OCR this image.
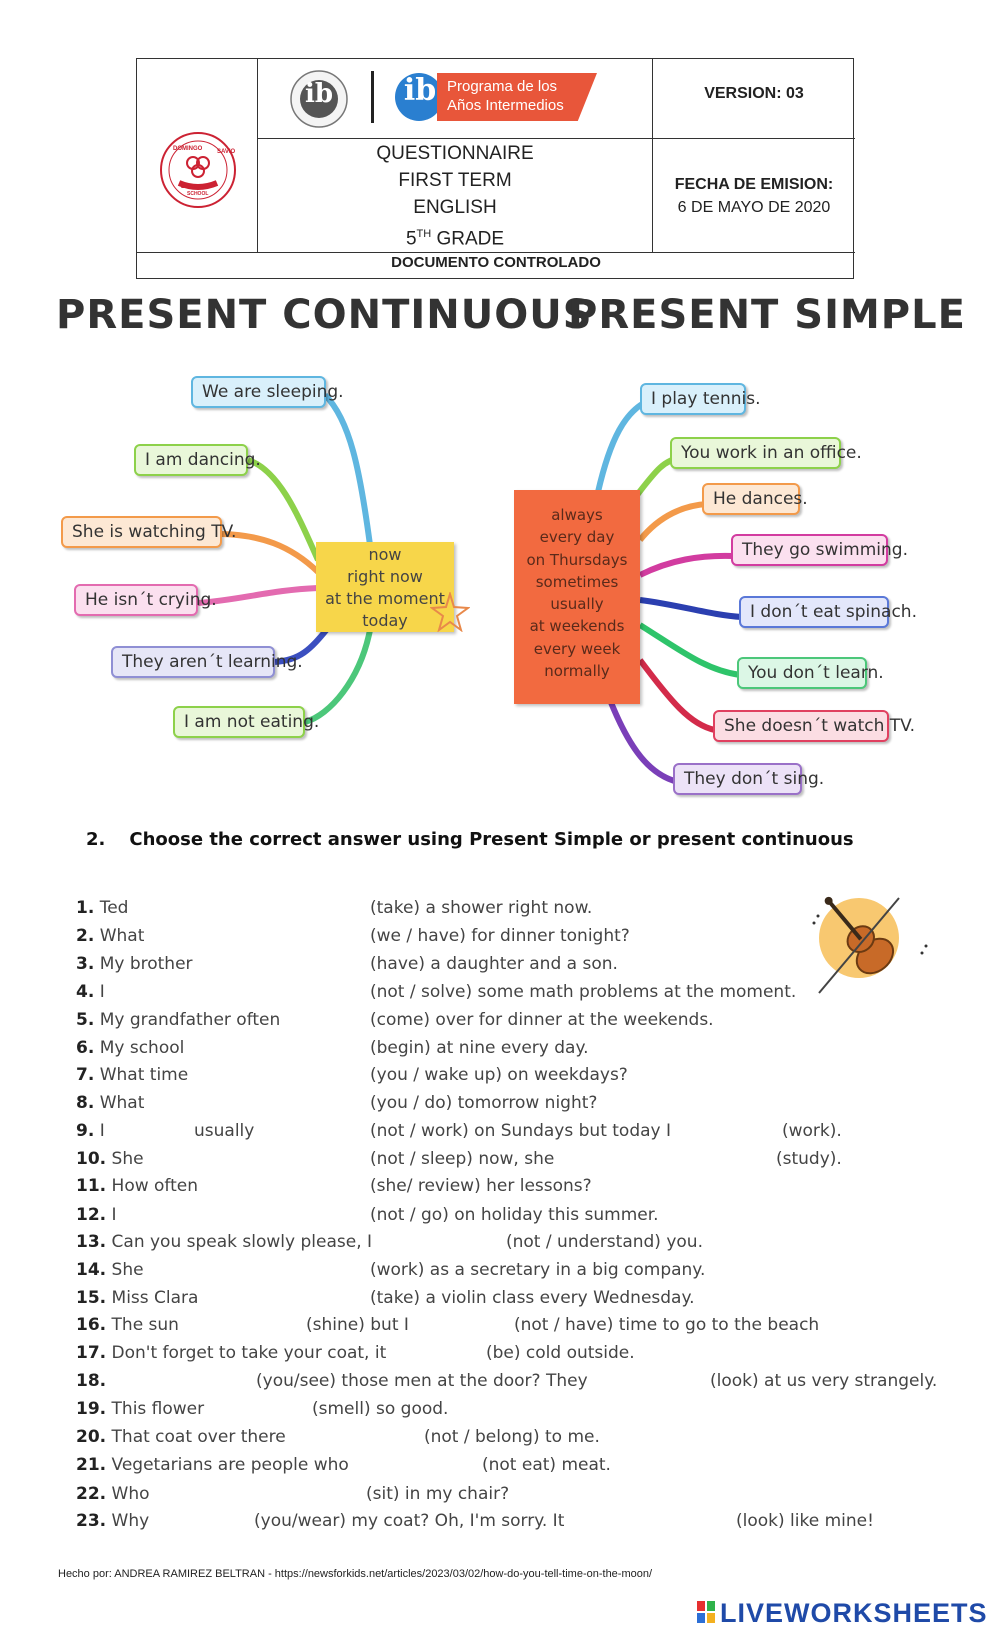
DOMINGO SAVIO
BILINGUAL
SCHOOL
ib ib Programa de los
Años Intermedios
VERSION: 03
QUESTIONNAIRE
FIRST TERM
ENGLISH
5TH GRADE
FECHA DE EMISION:
6 DE MAYO DE 2020
DOCUMENTO CONTROLADO
PRESENT CONTINUOUS
PRESENT SIMPLE
now
right now
at the moment
today
We are sleeping.
I am dancing.
She is watching TV.
He isn´t crying.
They aren´t learning.
I am not eating.
always
every day
on Thursdays
sometimes
usually
at weekends
every week
normally
I play tennis.
You work in an office.
He dances.
They go swimming.
I don´t eat spinach.
You don´t learn.
She doesn´t watch TV.
They don´t sing.
2. Choose the correct answer using Present Simple or present continuous
1. Ted	(take) a shower right now.
2. What	(we / have) for dinner tonight?
3. My brother	(have) a daughter and a son.
4. I	(not / solve) some math problems at the moment.
5. My grandfather often	(come) over for dinner at the weekends.
6. My school	(begin) at nine every day.
7. What time	(you / wake up) on weekdays?
8. What	(you / do) tomorrow night?
9. I	usually	(not / work) on Sundays but today I	(work).
10. She	(not / sleep) now, she	(study).
11. How often	(she/ review) her lessons?
12. I	(not / go) on holiday this summer.
13. Can you speak slowly please, I	(not / understand) you.
14. She	(work) as a secretary in a big company.
15. Miss Clara	(take) a violin class every Wednesday.
16. The sun	(shine) but I	(not / have) time to go to the beach
17. Don't forget to take your coat, it	(be) cold outside.
18.	(you/see) those men at the door? They	(look) at us very strangely.
19. This flower	(smell) so good.
20. That coat over there	(not / belong) to me.
21. Vegetarians are people who	(not eat) meat.
22. Who	(sit) in my chair?
23. Why	(you/wear) my coat? Oh, I'm sorry. It	(look) like mine!
Hecho por: ANDREA RAMIREZ BELTRAN - https://newsforkids.net/articles/2023/03/02/how-do-you-tell-time-on-the-moon/
LIVEWORKSHEETS
